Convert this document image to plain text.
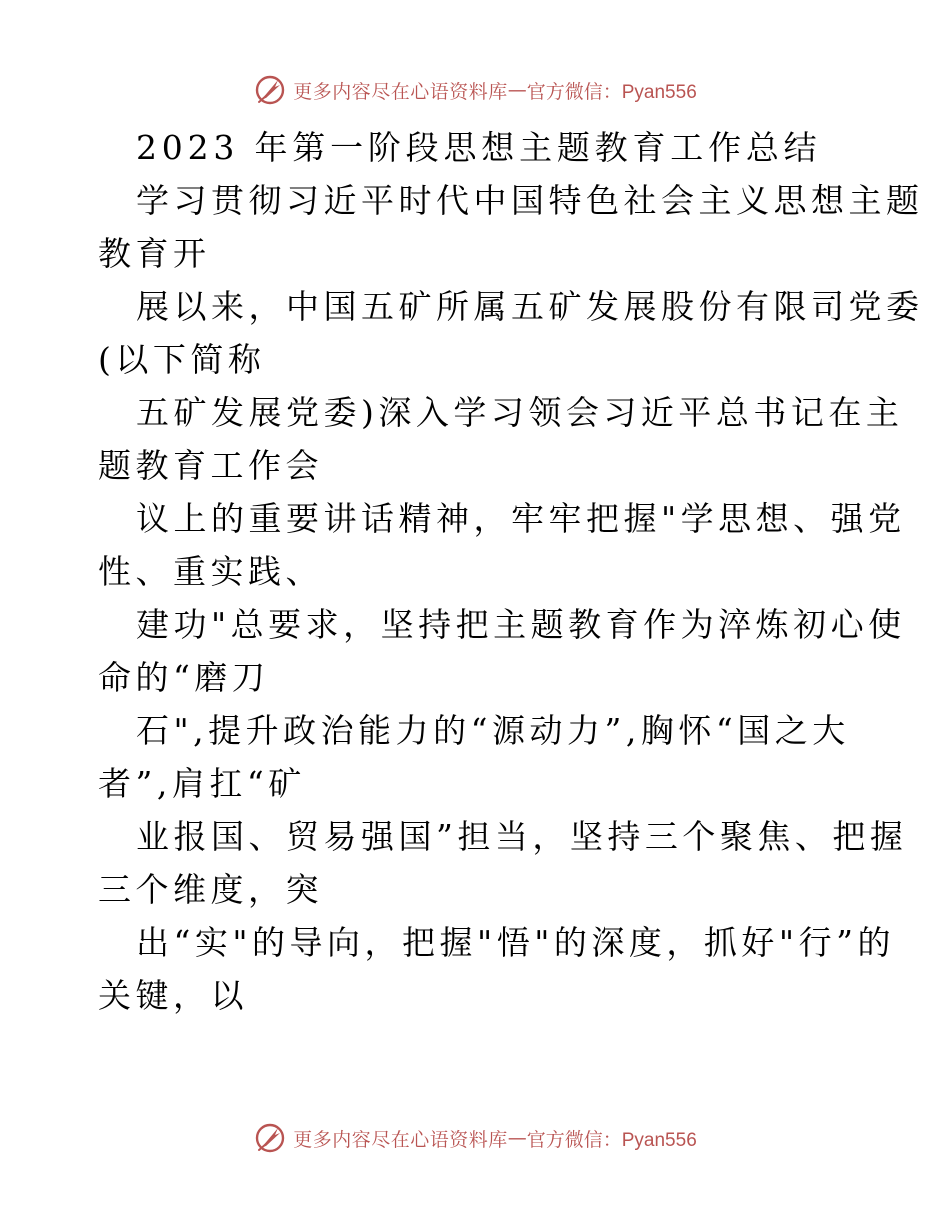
更多内容尽在心语资料库 — 官方微信：Pyan556
2023 年第一阶段思想主题教育工作总结
学习贯彻习近平时代中国特色社会主义思想主题
教育开
展以来，中国五矿所属五矿发展股份有限司党委
(以下简称
五矿发展党委)深入学习领会习近平总书记在主
题教育工作会
议上的重要讲话精神，牢牢把握"学思想、强党
性、重实践、
建功"总要求，坚持把主题教育作为淬炼初心使
命的“磨刀
石",提升政治能力的“源动力”,胸怀“国之大
者”,肩扛“矿
业报国、贸易强国”担当，坚持三个聚焦、把握
三个维度，突
出“实"的导向，把握"悟"的深度，抓好"行”的
关键，以
更多内容尽在心语资料库 — 官方微信：Pyan556
